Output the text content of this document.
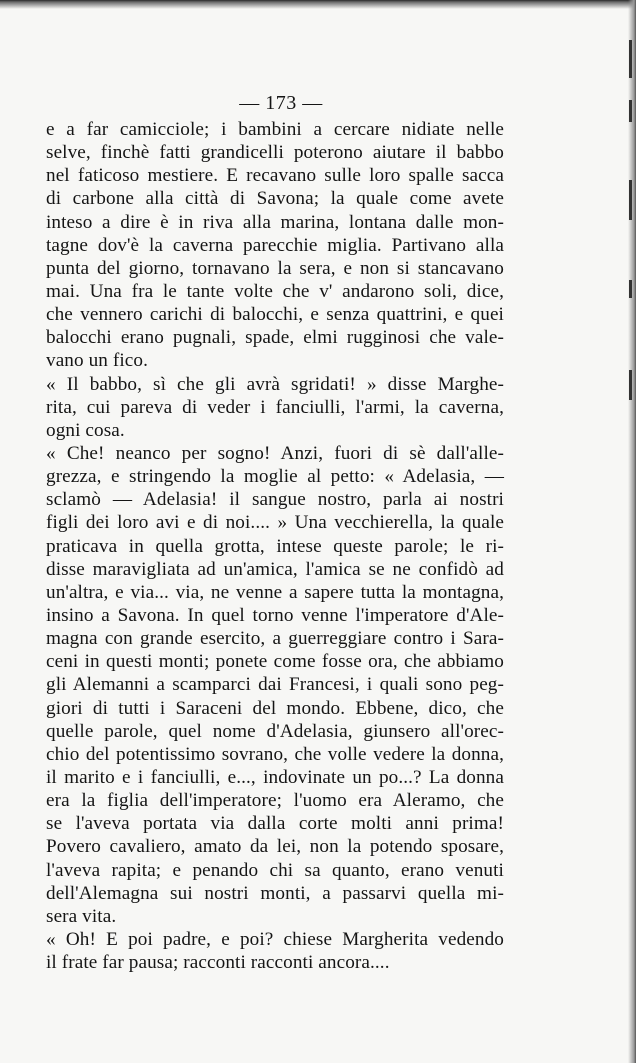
— 173 —
e a far camicciole; i bambini a cercare nidiate nelle
selve, finchè fatti grandicelli poterono aiutare il babbo
nel faticoso mestiere. E recavano sulle loro spalle sacca
di carbone alla città di Savona; la quale come avete
inteso a dire è in riva alla marina, lontana dalle mon-
tagne dov'è la caverna parecchie miglia. Partivano alla
punta del giorno, tornavano la sera, e non si stancavano
mai. Una fra le tante volte che v' andarono soli, dice,
che vennero carichi di balocchi, e senza quattrini, e quei
balocchi erano pugnali, spade, elmi rugginosi che vale-
vano un fico.
« Il babbo, sì che gli avrà sgridati! » disse Marghe-
rita, cui pareva di veder i fanciulli, l'armi, la caverna,
ogni cosa.
« Che! neanco per sogno! Anzi, fuori di sè dall'alle-
grezza, e stringendo la moglie al petto: « Adelasia, —
sclamò — Adelasia! il sangue nostro, parla ai nostri
figli dei loro avi e di noi.... » Una vecchierella, la quale
praticava in quella grotta, intese queste parole; le ri-
disse maravigliata ad un'amica, l'amica se ne confidò ad
un'altra, e via... via, ne venne a sapere tutta la montagna,
insino a Savona. In quel torno venne l'imperatore d'Ale-
magna con grande esercito, a guerreggiare contro i Sara-
ceni in questi monti; ponete come fosse ora, che abbiamo
gli Alemanni a scamparci dai Francesi, i quali sono peg-
giori di tutti i Saraceni del mondo. Ebbene, dico, che
quelle parole, quel nome d'Adelasia, giunsero all'orec-
chio del potentissimo sovrano, che volle vedere la donna,
il marito e i fanciulli, e..., indovinate un po...? La donna
era la figlia dell'imperatore; l'uomo era Aleramo, che
se l'aveva portata via dalla corte molti anni prima!
Povero cavaliero, amato da lei, non la potendo sposare,
l'aveva rapita; e penando chi sa quanto, erano venuti
dell'Alemagna sui nostri monti, a passarvi quella mi-
sera vita.
« Oh! E poi padre, e poi? chiese Margherita vedendo
il frate far pausa; racconti racconti ancora....
